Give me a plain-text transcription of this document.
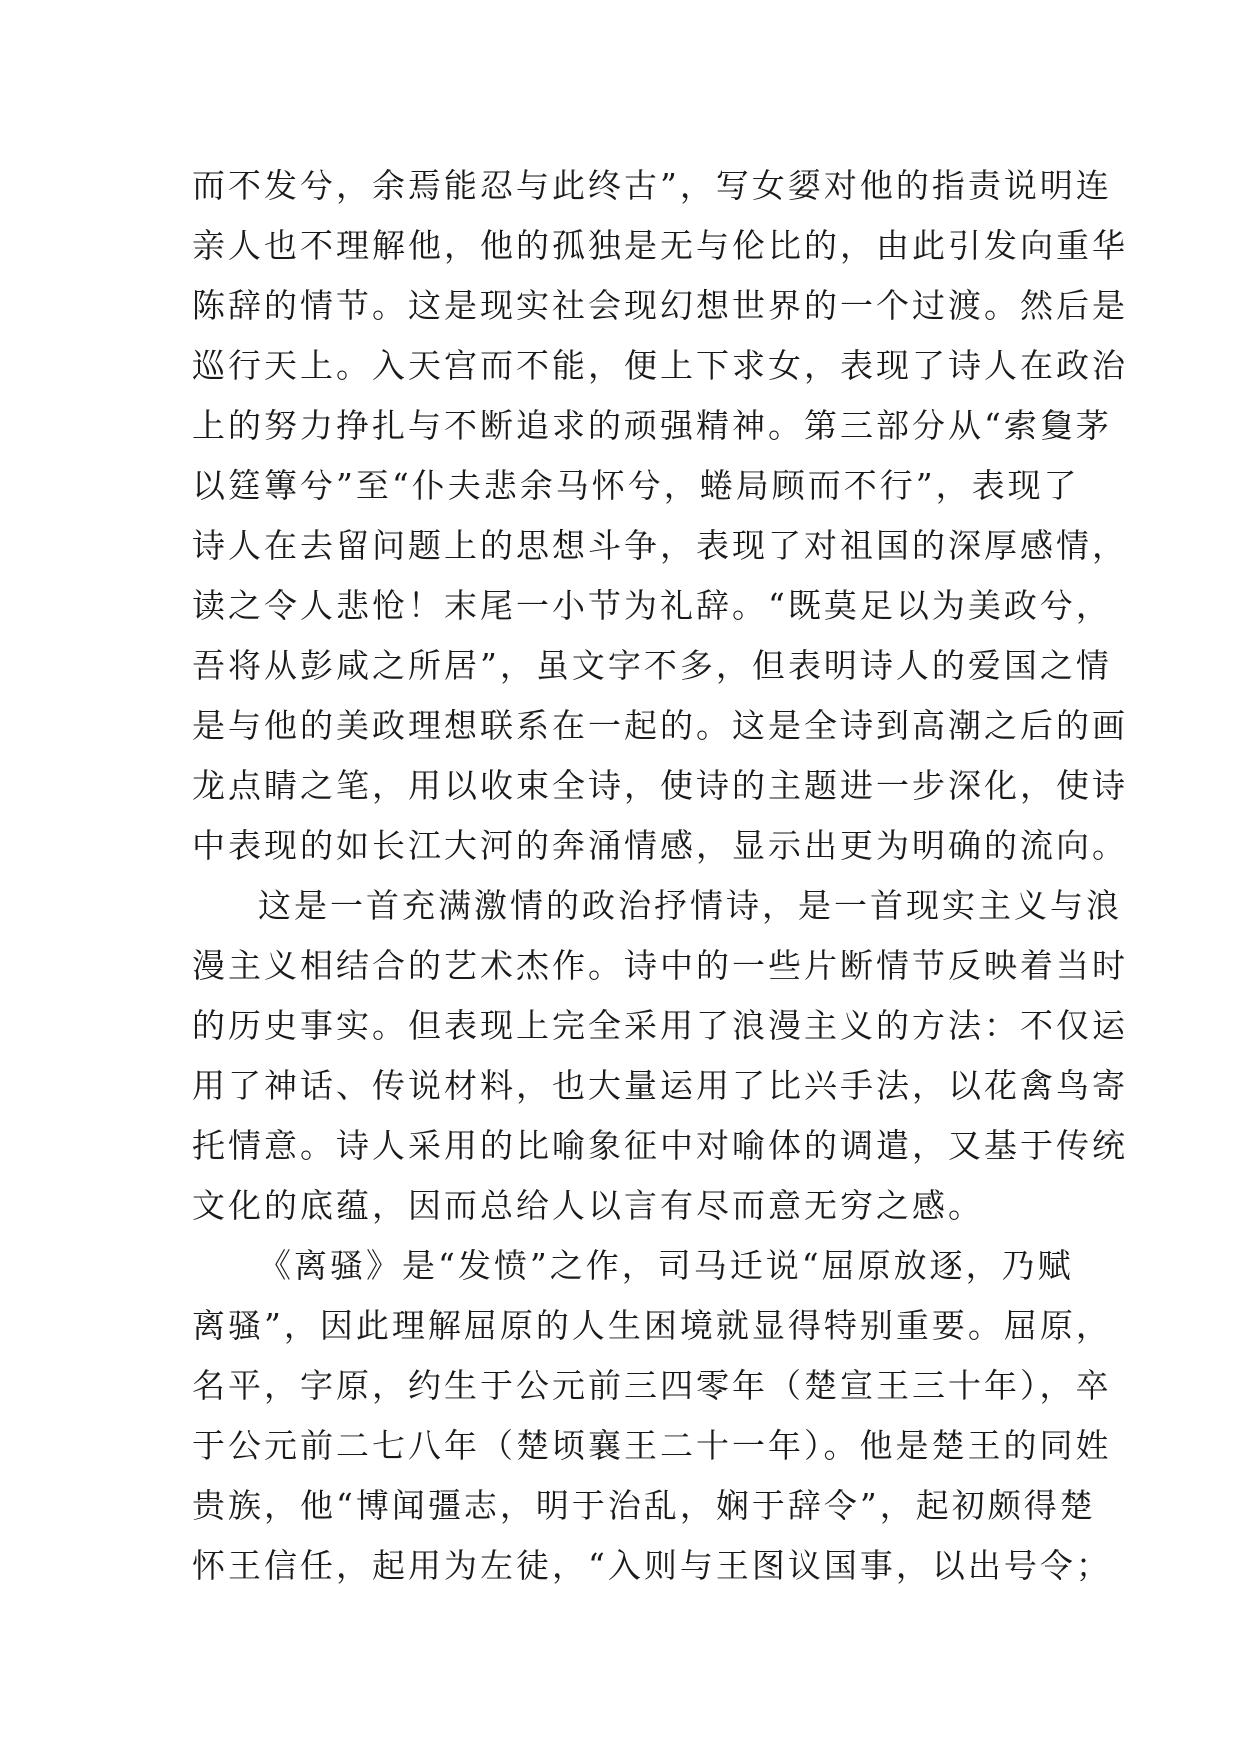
而不发兮，余焉能忍与此终古”，写女媭对他的指责说明连
亲人也不理解他，他的孤独是无与伦比的，由此引发向重华
陈辞的情节。这是现实社会现幻想世界的一个过渡。然后是
巡行天上。入天宫而不能，便上下求女，表现了诗人在政治
上的努力挣扎与不断追求的顽强精神。第三部分从“索敻茅
以筳篿兮”至“仆夫悲余马怀兮，蜷局顾而不行”，表现了
诗人在去留问题上的思想斗争，表现了对祖国的深厚感情，
读之令人悲怆！末尾一小节为礼辞。“既莫足以为美政兮，
吾将从彭咸之所居”，虽文字不多，但表明诗人的爱国之情
是与他的美政理想联系在一起的。这是全诗到高潮之后的画
龙点睛之笔，用以收束全诗，使诗的主题进一步深化，使诗
中表现的如长江大河的奔涌情感，显示出更为明确的流向。
这是一首充满激情的政治抒情诗，是一首现实主义与浪
漫主义相结合的艺术杰作。诗中的一些片断情节反映着当时
的历史事实。但表现上完全采用了浪漫主义的方法：不仅运
用了神话、传说材料，也大量运用了比兴手法，以花禽鸟寄
托情意。诗人采用的比喻象征中对喻体的调遣，又基于传统
文化的底蕴，因而总给人以言有尽而意无穷之感。
《离骚》是“发愤”之作，司马迁说“屈原放逐，乃赋
离骚”，因此理解屈原的人生困境就显得特别重要。屈原，
名平，字原，约生于公元前三四零年（楚宣王三十年），卒
于公元前二七八年（楚顷襄王二十一年）。他是楚王的同姓
贵族，他“博闻彊志，明于治乱，娴于辞令”，起初颇得楚
怀王信任，起用为左徒，“入则与王图议国事，以出号令；
